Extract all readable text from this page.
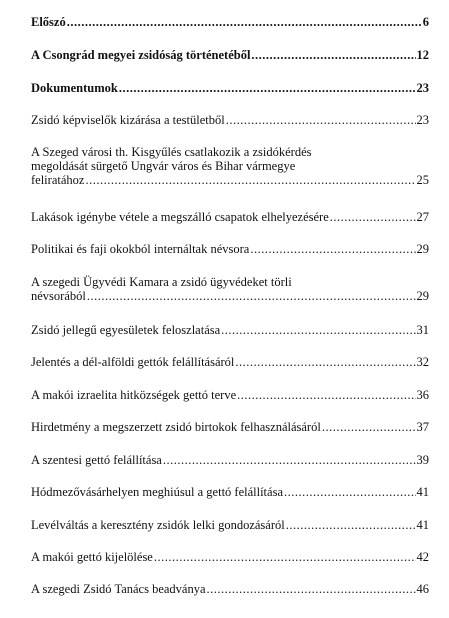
Előszó .....	6
A Csongrád megyei zsidóság történetéből .....	12
Dokumentumok .....	23
Zsidó képviselők kizárása a testületből .....	23
A Szeged városi th. Kisgyűlés csatlakozik a zsidókérdés
megoldását sürgető Ungvár város és Bihar vármegye
feliratához .....	25
Lakások igénybe vétele a megszálló csapatok elhelyezésére .....	27
Politikai és faji okokból internáltak névsora .....	29
A szegedi Ügyvédi Kamara a zsidó ügyvédeket törli
névsorából .....	29
Zsidó jellegű egyesületek feloszlatása .....	31
Jelentés a dél-alföldi gettók felállításáról .....	32
A makói izraelita hitközségek gettó terve .....	36
Hirdetmény a megszerzett zsidó birtokok felhasználásáról .....	37
A szentesi gettó felállítása .....	39
Hódmezővásárhelyen meghiúsul a gettó felállítása .....	41
Levélváltás a keresztény zsidók lelki gondozásáról .....	41
A makói gettó kijelölése .....	42
A szegedi Zsidó Tanács beadványa .....	46
